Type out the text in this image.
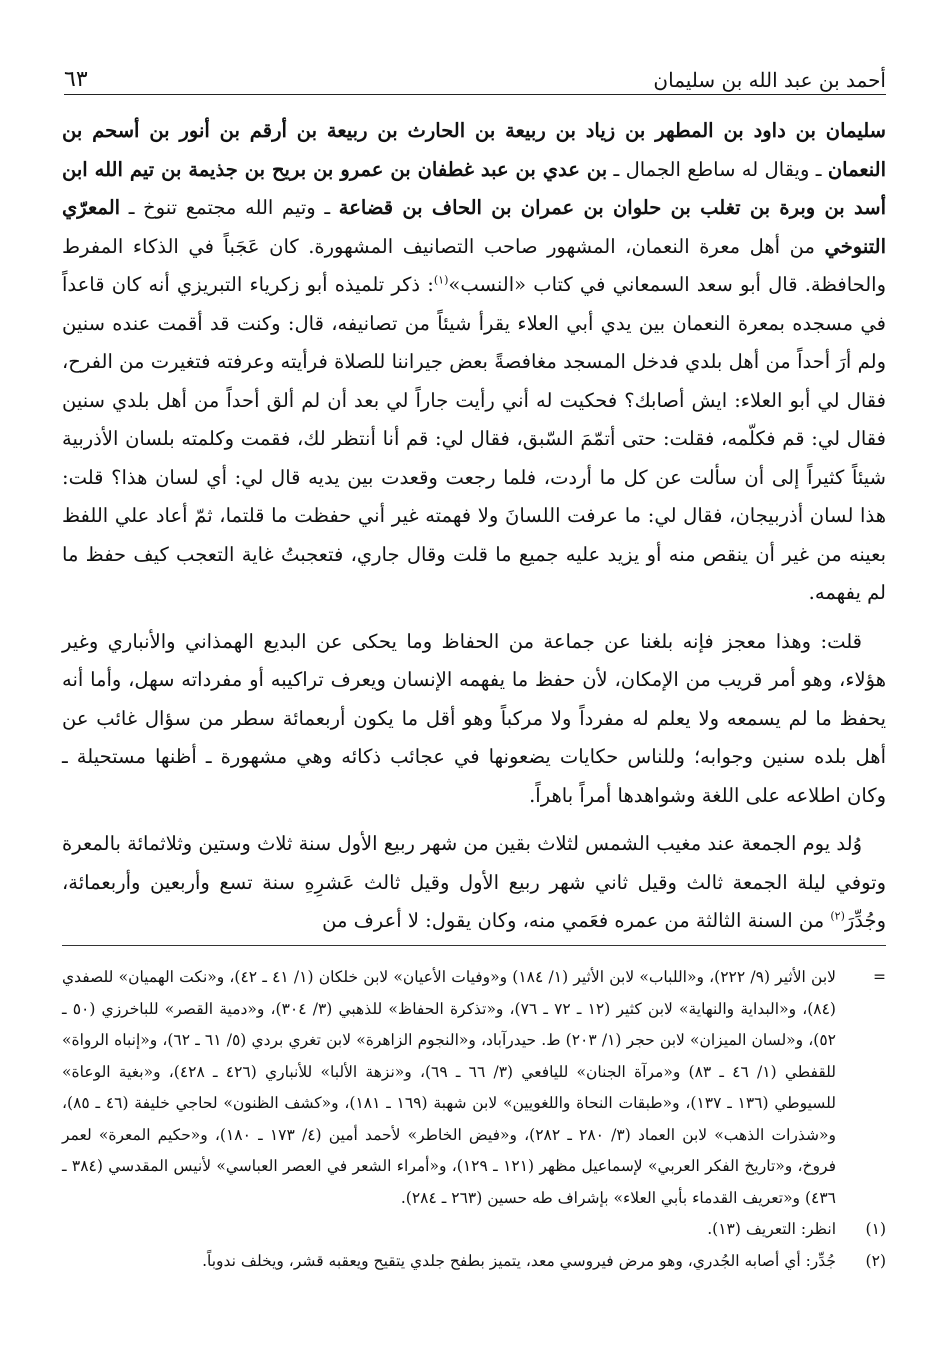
أحمد بن عبد الله بن سليمان
٦٣

سليمان بن داود بن المطهر بن زياد بن ربيعة بن الحارث بن ربيعة بن أرقم بن أنور بن أسحم بن النعمان ـ ويقال له ساطع الجمال ـ بن عدي بن عبد غطفان بن عمرو بن بريح بن جذيمة بن تيم الله ابن أسد بن وبرة بن تغلب بن حلوان بن عمران بن الحاف بن قضاعة ـ وتيم الله مجتمع تنوخ ـ المعرّي التنوخي من أهل معرة النعمان، المشهور صاحب التصانيف المشهورة. كان عَجَباً في الذكاء المفرط والحافظة. قال أبو سعد السمعاني في كتاب «النسب»$^{(١)}$: ذكر تلميذه أبو زكرياء التبريزي أنه كان قاعداً في مسجده بمعرة النعمان بين يدي أبي العلاء يقرأ شيئاً من تصانيفه، قال: وكنت قد أقمت عنده سنين ولم أرَ أحداً من أهل بلدي فدخل المسجد مغافصةً بعض جيراننا للصلاة فرأيته وعرفته فتغيرت من الفرح، فقال لي أبو العلاء: ايش أصابك؟ فحكيت له أني رأيت جاراً لي بعد أن لم ألق أحداً من أهل بلدي سنين فقال لي: قم فكلّمه، فقلت: حتى أتمّمَ السّبق، فقال لي: قم أنا أنتظر لك، فقمت وكلمته بلسان الأذربية شيئاً كثيراً إلى أن سألت عن كل ما أردت، فلما رجعت وقعدت بين يديه قال لي: أي لسان هذا؟ قلت: هذا لسان أذربيجان، فقال لي: ما عرفت اللسانَ ولا فهمته غير أني حفظت ما قلتما، ثمّ أعاد علي اللفظ بعينه من غير أن ينقص منه أو يزيد عليه جميع ما قلت وقال جاري، فتعجبتُ غاية التعجب كيف حفظ ما لم يفهمه.

قلت: وهذا معجز فإنه بلغنا عن جماعة من الحفاظ وما يحكى عن البديع الهمذاني والأنباري وغير هؤلاء، وهو أمر قريب من الإمكان، لأن حفظ ما يفهمه الإنسان ويعرف تراكيبه أو مفرداته سهل، وأما أنه يحفظ ما لم يسمعه ولا يعلم له مفرداً ولا مركباً وهو أقل ما يكون أربعمائة سطر من سؤال غائب عن أهل بلده سنين وجوابه؛ وللناس حكايات يضعونها في عجائب ذكائه وهي مشهورة ـ أظنها مستحيلة ـ وكان اطلاعه على اللغة وشواهدها أمراً باهراً.

وُلد يوم الجمعة عند مغيب الشمس لثلاث بقين من شهر ربيع الأول سنة ثلاث وستين وثلاثمائة بالمعرة وتوفي ليلة الجمعة ثالث وقيل ثاني شهر ربيع الأول وقيل ثالث عَشرِهِ سنة تسع وأربعين وأربعمائة، وجُدِّرَ$^{(٢)}$ من السنة الثالثة من عمره فعَمي منه، وكان يقول: لا أعرف من

=
لابن الأثير (٩/ ٢٢٢)، و«اللباب» لابن الأثير (١/ ١٨٤) و«وفيات الأعيان» لابن خلكان (١/ ٤١ ـ ٤٢)، و«نكت الهميان» للصفدي (٨٤)، و«البداية والنهاية» لابن كثير (١٢ ـ ٧٢ ـ ٧٦)، و«تذكرة الحفاظ» للذهبي (٣/ ٣٠٤)، و«دمية القصر» للباخرزي (٥٠ ـ ٥٢)، و«لسان الميزان» لابن حجر (١/ ٢٠٣) ط. حيدرآباد، و«النجوم الزاهرة» لابن تغري بردي (٥/ ٦١ ـ ٦٢)، و«إنباه الرواة» للقفطي (١/ ٤٦ ـ ٨٣) و«مرآة الجنان» لليافعي (٣/ ٦٦ ـ ٦٩)، و«نزهة الألبا» للأنباري (٤٢٦ ـ ٤٢٨)، و«بغية الوعاة» للسيوطي (١٣٦ ـ ١٣٧)، و«طبقات النحاة واللغويين» لابن شهبة (١٦٩ ـ ١٨١)، و«كشف الظنون» لحاجي خليفة (٤٦ ـ ٨٥)، و«شذرات الذهب» لابن العماد (٣/ ٢٨٠ ـ ٢٨٢)، و«فيض الخاطر» لأحمد أمين (٤/ ١٧٣ ـ ١٨٠)، و«حكيم المعرة» لعمر فروخ، و«تاريخ الفكر العربي» لإسماعيل مظهر (١٢١ ـ ١٢٩)، و«أمراء الشعر في العصر العباسي» لأنيس المقدسي (٣٨٤ ـ ٤٣٦) و«تعريف القدماء بأبي العلاء» بإشراف طه حسين (٢٦٣ ـ ٢٨٤).
(١)
انظر: التعريف (١٣).
(٢)
جُدِّر: أي أصابه الجُدري، وهو مرض فيروسي معد، يتميز بطفح جلدي يتقيح ويعقبه قشر، ويخلف ندوباً.
